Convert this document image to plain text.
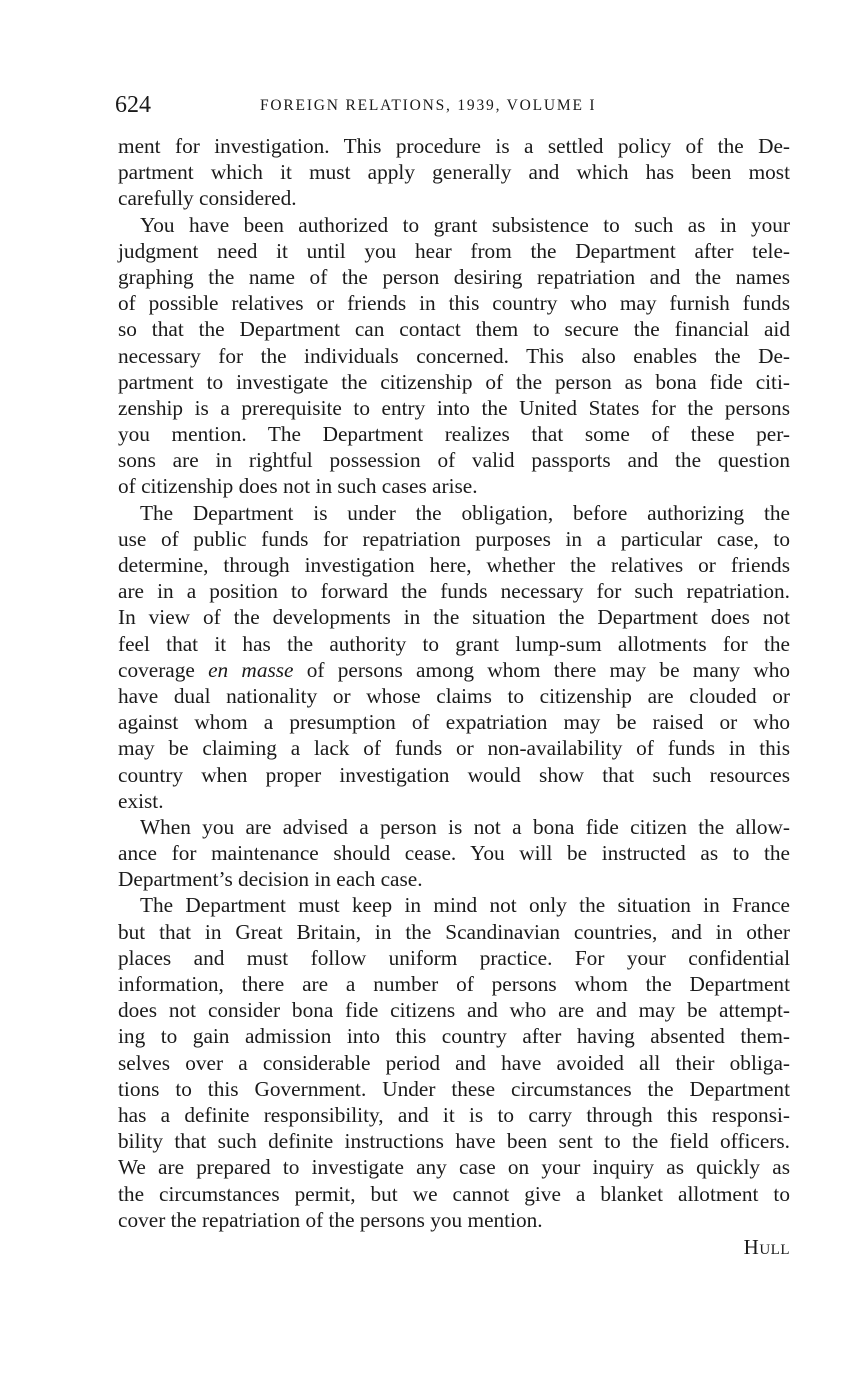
624	FOREIGN RELATIONS, 1939, VOLUME I
ment for investigation. This procedure is a settled policy of the De-
partment which it must apply generally and which has been most
carefully considered.
You have been authorized to grant subsistence to such as in your
judgment need it until you hear from the Department after tele-
graphing the name of the person desiring repatriation and the names
of possible relatives or friends in this country who may furnish funds
so that the Department can contact them to secure the financial aid
necessary for the individuals concerned. This also enables the De-
partment to investigate the citizenship of the person as bona fide citi-
zenship is a prerequisite to entry into the United States for the persons
you mention. The Department realizes that some of these per-
sons are in rightful possession of valid passports and the question
of citizenship does not in such cases arise.
The Department is under the obligation, before authorizing the
use of public funds for repatriation purposes in a particular case, to
determine, through investigation here, whether the relatives or friends
are in a position to forward the funds necessary for such repatriation.
In view of the developments in the situation the Department does not
feel that it has the authority to grant lump-sum allotments for the
coverage en masse of persons among whom there may be many who
have dual nationality or whose claims to citizenship are clouded or
against whom a presumption of expatriation may be raised or who
may be claiming a lack of funds or non-availability of funds in this
country when proper investigation would show that such resources
exist.
When you are advised a person is not a bona fide citizen the allow-
ance for maintenance should cease. You will be instructed as to the
Department’s decision in each case.
The Department must keep in mind not only the situation in France
but that in Great Britain, in the Scandinavian countries, and in other
places and must follow uniform practice. For your confidential
information, there are a number of persons whom the Department
does not consider bona fide citizens and who are and may be attempt-
ing to gain admission into this country after having absented them-
selves over a considerable period and have avoided all their obliga-
tions to this Government. Under these circumstances the Department
has a definite responsibility, and it is to carry through this responsi-
bility that such definite instructions have been sent to the field officers.
We are prepared to investigate any case on your inquiry as quickly as
the circumstances permit, but we cannot give a blanket allotment to
cover the repatriation of the persons you mention.
Hull
